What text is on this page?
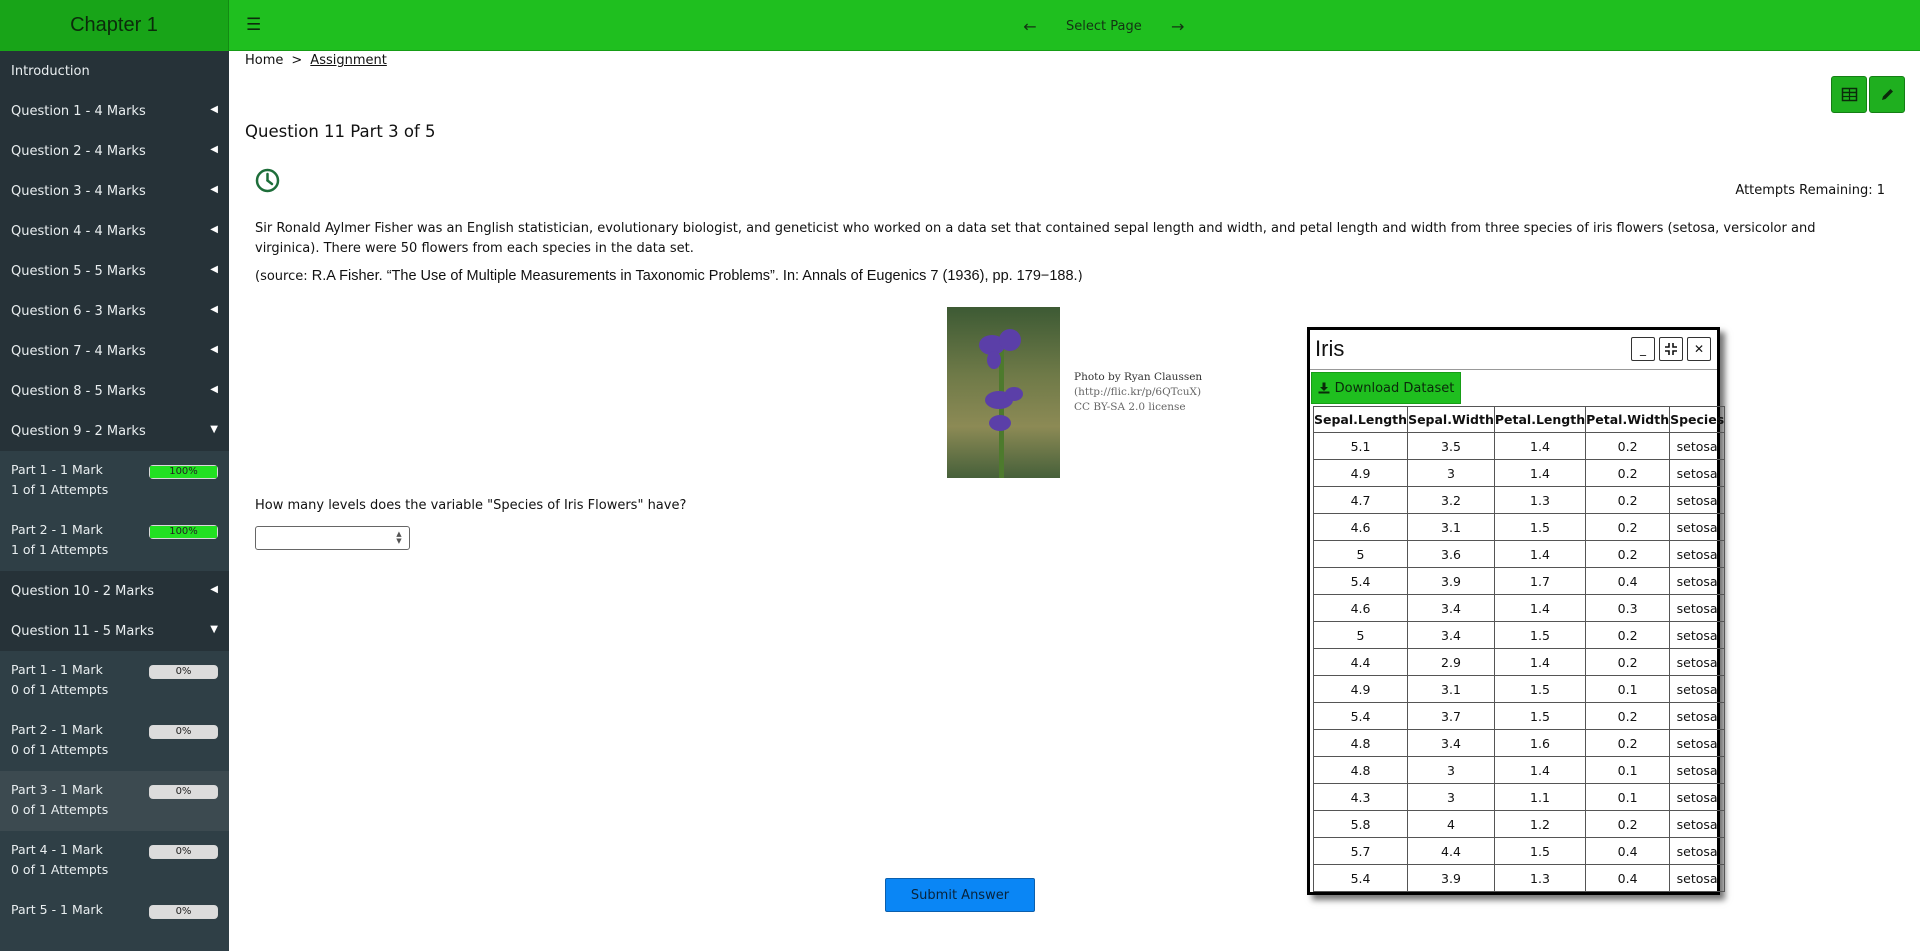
Chapter 1	☰	← Select Page →
Introduction
Question 1 - 4 Marks	◀
Question 2 - 4 Marks	◀
Question 3 - 4 Marks	◀
Question 4 - 4 Marks	◀
Question 5 - 5 Marks	◀
Question 6 - 3 Marks	◀
Question 7 - 4 Marks	◀
Question 8 - 5 Marks	◀
Question 9 - 2 Marks	▼
Part 1 - 1 Mark
1 of 1 Attempts
100%
Part 2 - 1 Mark
1 of 1 Attempts
100%
Question 10 - 2 Marks	◀
Question 11 - 5 Marks	▼
Part 1 - 1 Mark
0 of 1 Attempts
0%
Part 2 - 1 Mark
0 of 1 Attempts
0%
Part 3 - 1 Mark
0 of 1 Attempts
0%
Part 4 - 1 Mark
0 of 1 Attempts
0%
Part 5 - 1 Mark	0%
Home > Assignment
Question 11 Part 3 of 5
Attempts Remaining: 1
Sir Ronald Aylmer Fisher was an English statistician, evolutionary biologist, and geneticist who worked on a data set that contained sepal length and width, and petal length and width from three species of iris flowers (setosa, versicolor and virginica). There were 50 flowers from each species in the data set.
(source: R.A Fisher. “The Use of Multiple Measurements in Taxonomic Problems”. In: Annals of Eugenics 7 (1936), pp. 179−188.)
Photo by Ryan Claussen
(http://flic.kr/p/6QTcuX)
CC BY-SA 2.0 license
How many levels does the variable "Species of Iris Flowers" have?
▲
▼
Submit Answer
Iris	_	✕
Download Dataset
Sepal.Length	Sepal.Width	Petal.Length	Petal.Width	Species
5.1	3.5	1.4	0.2	setosa
4.9	3	1.4	0.2	setosa
4.7	3.2	1.3	0.2	setosa
4.6	3.1	1.5	0.2	setosa
5	3.6	1.4	0.2	setosa
5.4	3.9	1.7	0.4	setosa
4.6	3.4	1.4	0.3	setosa
5	3.4	1.5	0.2	setosa
4.4	2.9	1.4	0.2	setosa
4.9	3.1	1.5	0.1	setosa
5.4	3.7	1.5	0.2	setosa
4.8	3.4	1.6	0.2	setosa
4.8	3	1.4	0.1	setosa
4.3	3	1.1	0.1	setosa
5.8	4	1.2	0.2	setosa
5.7	4.4	1.5	0.4	setosa
5.4	3.9	1.3	0.4	setosa
